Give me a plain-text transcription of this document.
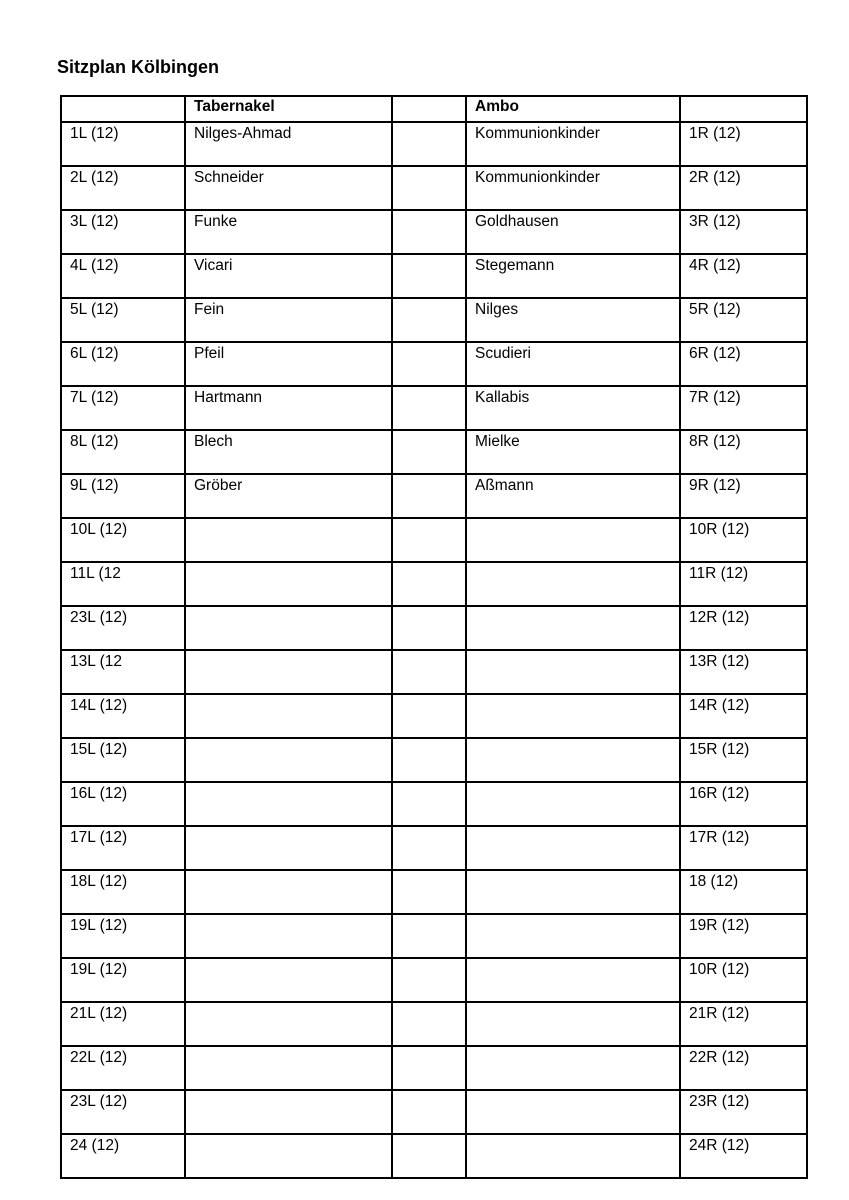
Sitzplan Kölbingen
	Tabernakel		Ambo	
1L (12)	Nilges-Ahmad		Kommunionkinder	1R (12)
2L (12)	Schneider		Kommunionkinder	2R (12)
3L (12)	Funke		Goldhausen	3R (12)
4L (12)	Vicari		Stegemann	4R (12)
5L (12)	Fein		Nilges	5R (12)
6L (12)	Pfeil		Scudieri	6R (12)
7L (12)	Hartmann		Kallabis	7R (12)
8L (12)	Blech		Mielke	8R (12)
9L (12)	Gröber		Aßmann	9R (12)
10L (12)				10R (12)
11L (12				11R (12)
23L (12)				12R (12)
13L (12				13R (12)
14L (12)				14R (12)
15L (12)				15R (12)
16L (12)				16R (12)
17L (12)				17R (12)
18L (12)				18 (12)
19L (12)				19R (12)
19L (12)				10R (12)
21L (12)				21R (12)
22L (12)				22R (12)
23L (12)				23R (12)
24 (12)				24R (12)
